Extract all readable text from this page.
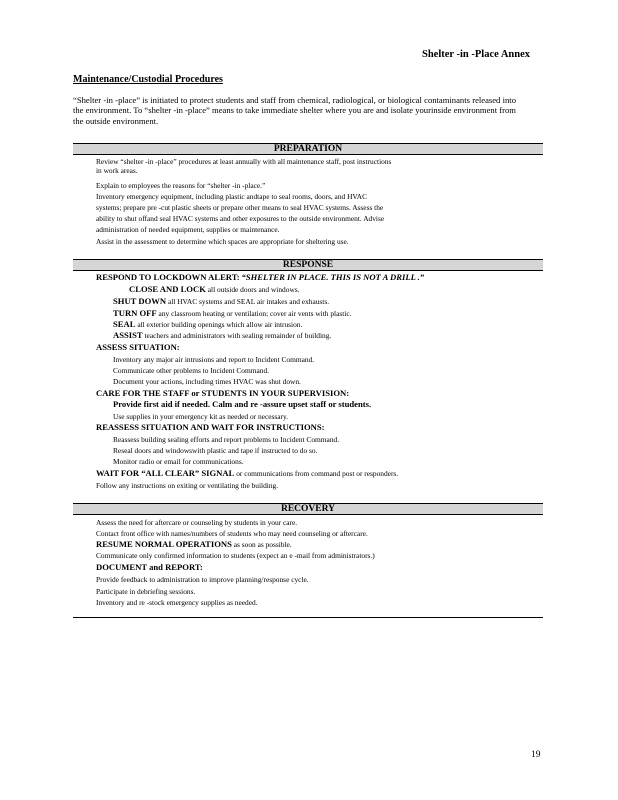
Shelter -in -Place Annex
Maintenance/Custodial Procedures
“Shelter -in -place” is initiated to protect students and staff from chemical, radiological, or biological contaminants released into the environment. To “shelter -in -place” means to take immediate shelter where you are and isolate yourinside environment from the outside environment.
PREPARATION
Review “shelter -in -place” procedures at least annually with all maintenance staff, post instructions
in work areas.
Explain to employees the reasons for “shelter -in -place.”
Inventory emergency equipment, including plastic andtape to seal rooms, doors, and HVAC
systems; prepare pre -cut plastic sheets or prepare other means to seal HVAC systems. Assess the
ability to shut offand seal HVAC systems and other exposures to the outside environment. Advise
administration of needed equipment, supplies or maintenance.
Assist in the assessment to determine which spaces are appropriate for sheltering use.
RESPONSE
RESPOND TO LOCKDOWN ALERT: “SHELTER IN PLACE. THIS IS NOT A DRILL .”
CLOSE AND LOCK all outside doors and windows.
SHUT DOWN all HVAC systems and SEAL air intakes and exhausts.
TURN OFF any classroom heating or ventilation; cover air vents with plastic.
SEAL all exterior building openings which allow air intrusion.
ASSIST teachers and administrators with sealing remainder of building.
ASSESS SITUATION:
Inventory any major air intrusions and report to Incident Command.
Communicate other problems to Incident Command.
Document your actions, including times HVAC was shut down.
CARE FOR THE STAFF or STUDENTS IN YOUR SUPERVISION:
Provide first aid if needed. Calm and re -assure upset staff or students.
Use supplies in your emergency kit as needed or necessary.
REASSESS SITUATION AND WAIT FOR INSTRUCTIONS:
Reassess building sealing efforts and report problems to Incident Command.
Reseal doors and windowswith plastic and tape if instructed to do so.
Monitor radio or email for communications.
WAIT FOR “ALL CLEAR” SIGNAL or communications from command post or responders.
Follow any instructions on exiting or ventilating the building.
RECOVERY
Assess the need for aftercare or counseling by students in your care.
Contact front office with names/numbers of students who may need counseling or aftercare.
RESUME NORMAL OPERATIONS as soon as possible.
Communicate only confirmed information to students (expect an e -mail from administrators.)
DOCUMENT and REPORT:
Provide feedback to administration to improve planning/response cycle.
Participate in debriefing sessions.
Inventory and re -stock emergency supplies as needed.
19
